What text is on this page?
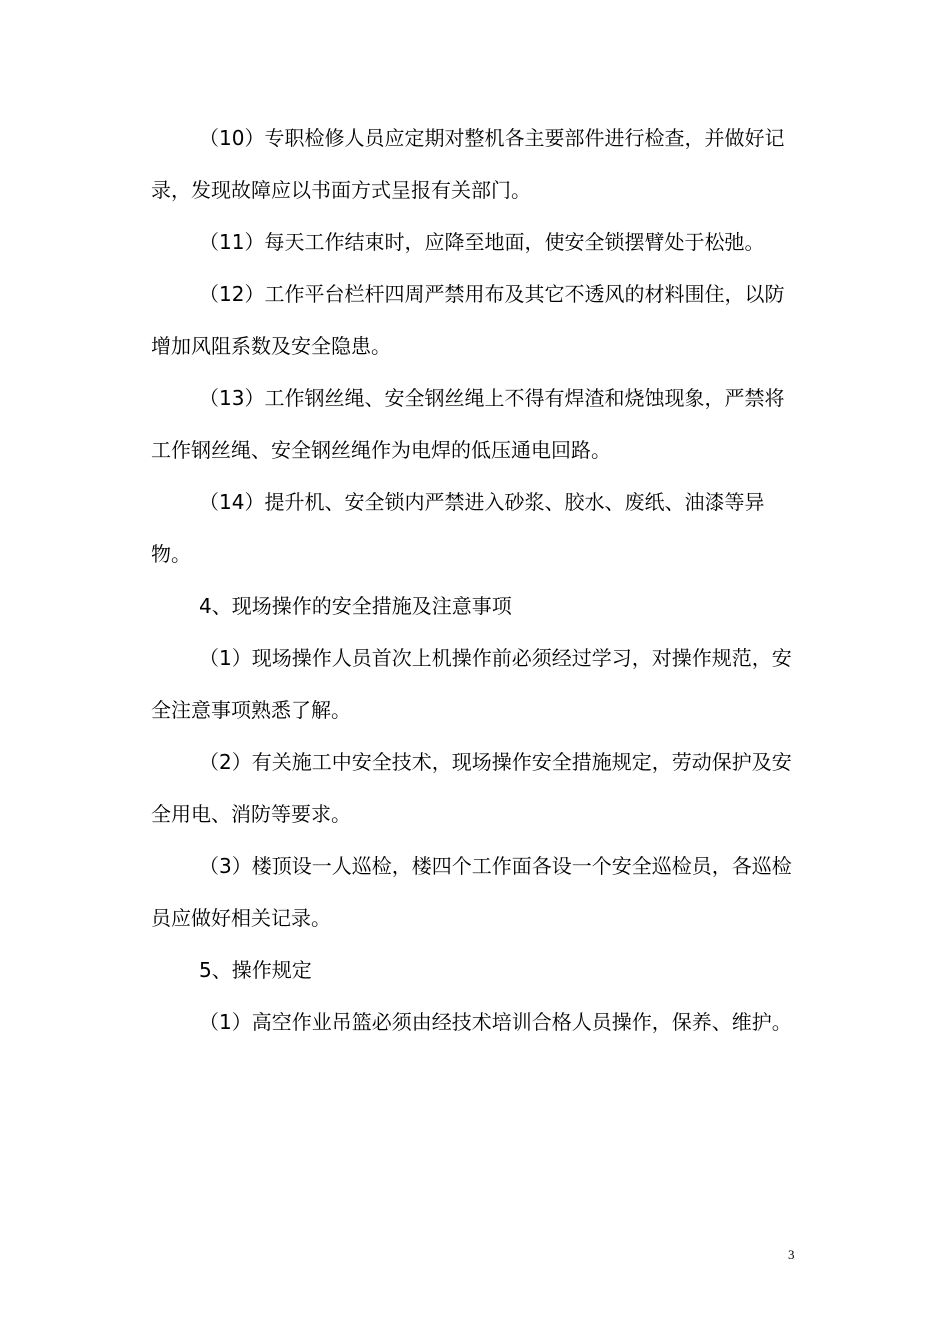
（10）专职检修人员应定期对整机各主要部件进行检查，并做好记录，发现故障应以书面方式呈报有关部门。

（11）每天工作结束时，应降至地面，使安全锁摆臂处于松弛。

（12）工作平台栏杆四周严禁用布及其它不透风的材料围住，以防增加风阻系数及安全隐患。

（13）工作钢丝绳、安全钢丝绳上不得有焊渣和烧蚀现象，严禁将工作钢丝绳、安全钢丝绳作为电焊的低压通电回路。

（14）提升机、安全锁内严禁进入砂浆、胶水、废纸、油漆等异物。

4、现场操作的安全措施及注意事项

（1）现场操作人员首次上机操作前必须经过学习，对操作规范，安全注意事项熟悉了解。

（2）有关施工中安全技术，现场操作安全措施规定，劳动保护及安全用电、消防等要求。

（3）楼顶设一人巡检，楼四个工作面各设一个安全巡检员，各巡检员应做好相关记录。

5、操作规定

（1）高空作业吊篮必须由经技术培训合格人员操作，保养、维护。

3
